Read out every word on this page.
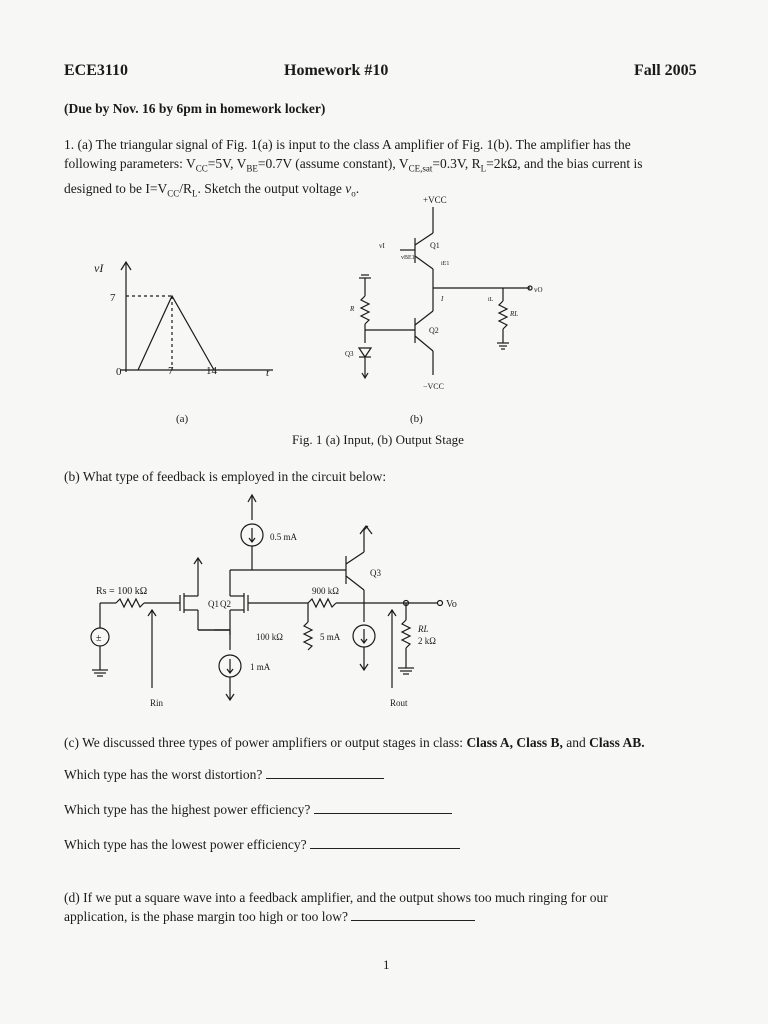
ECE3110	Homework #10	Fall 2005
(Due by Nov. 16 by 6pm in homework locker)
1. (a) The triangular signal of Fig. 1(a) is input to the class A amplifier of Fig. 1(b). The amplifier has the
following parameters: $V_{CC}=5V$, $V_{BE}=0.7V$ (assume constant), $V_{CE,sat}=0.3V$, $R_L=2k\Omega$, and the bias current is
designed to be $I=V_{CC}/R_L$. Sketch the output voltage $v_o$.
vI
7
0	7	14	t
(a)
+VCC
Q1
vI
vBE1
iE1
vO
I	iL
RL
Q2
−VCC
R
Q3
(b)
Fig. 1 (a) Input, (b) Output Stage
(b) What type of feedback is employed in the circuit below:
±
Rs = 100 kΩ
Rin
Q1 Q2
1 mA
0.5 mA
Q3
900 kΩ
Vo
100 kΩ	5 mA
RL
2 kΩ
Rout
(c) We discussed three types of power amplifiers or output stages in class: Class A, Class B, and Class AB.
Which type has the worst distortion?
Which type has the highest power efficiency?
Which type has the lowest power efficiency?
(d) If we put a square wave into a feedback amplifier, and the output shows too much ringing for our
application, is the phase margin too high or too low?
1
